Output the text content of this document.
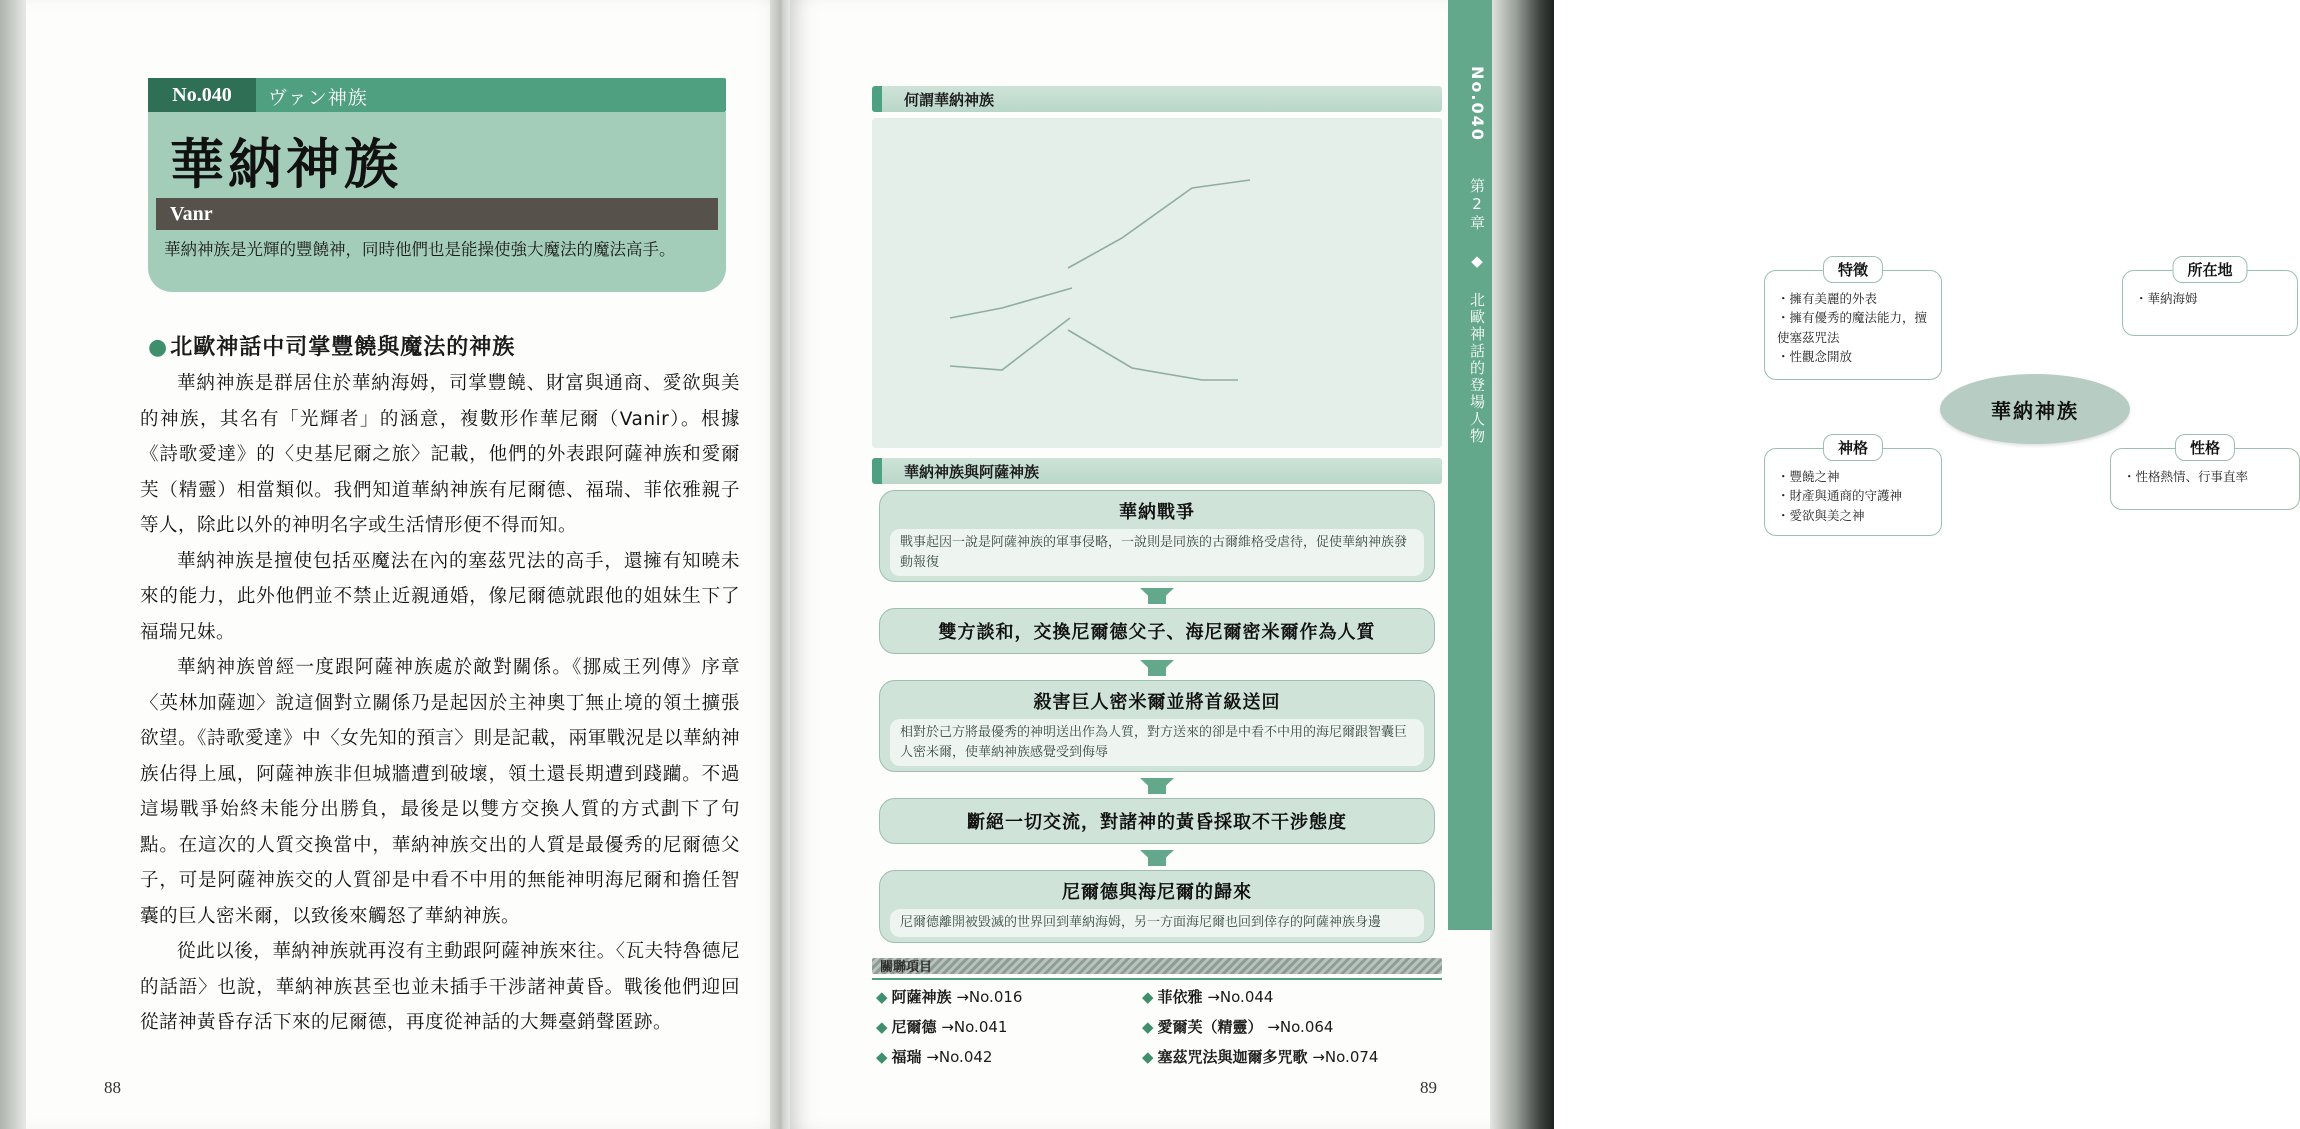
No.040	ヴァン神族
華納神族
Vanr
華納神族是光輝的豐饒神，同時他們也是能操使強大魔法的魔法高手。
●北歐神話中司掌豐饒與魔法的神族

華納神族是群居住於華納海姆，司掌豐饒、財富與通商、愛欲與美的神族，其名有「光輝者」的涵意，複數形作華尼爾（Vanir）。根據《詩歌愛達》的〈史基尼爾之旅〉記載，他們的外表跟阿薩神族和愛爾芙（精靈）相當類似。我們知道華納神族有尼爾德、福瑞、菲依雅親子等人，除此以外的神明名字或生活情形便不得而知。

華納神族是擅使包括巫魔法在內的塞茲咒法的高手，還擁有知曉未來的能力，此外他們並不禁止近親通婚，像尼爾德就跟他的姐妹生下了福瑞兄妹。

華納神族曾經一度跟阿薩神族處於敵對關係。《挪威王列傳》序章〈英林加薩迦〉說這個對立關係乃是起因於主神奧丁無止境的領土擴張欲望。《詩歌愛達》中〈女先知的預言〉則是記載，兩軍戰況是以華納神族佔得上風，阿薩神族非但城牆遭到破壞，領土還長期遭到踐躪。不過這場戰爭始終未能分出勝負，最後是以雙方交換人質的方式劃下了句點。在這次的人質交換當中，華納神族交出的人質是最優秀的尼爾德父子，可是阿薩神族交的人質卻是中看不中用的無能神明海尼爾和擔任智囊的巨人密米爾，以致後來觸怒了華納神族。

從此以後，華納神族就再沒有主動跟阿薩神族來往。〈瓦夫特魯德尼的話語〉也說，華納神族甚至也並未插手干涉諸神黃昏。戰後他們迎回從諸神黃昏存活下來的尼爾德，再度從神話的大舞臺銷聲匿跡。

88
No.040 第2章 ◆ 北歐神話的登場人物
何謂華納神族
特徵
・ 擁有美麗的外表
・ 擁有優秀的魔法能力，擅使塞茲咒法
・ 性觀念開放
所在地
・ 華納海姆
神格
・ 豐饒之神
・ 財產與通商的守護神
・ 愛欲與美之神
性格
・ 性格熱情、行事直率
華納神族
華納神族與阿薩神族
華納戰爭
戰事起因一說是阿薩神族的軍事侵略，一說則是同族的古爾維格受虐待，促使華納神族發動報復
雙方談和，交換尼爾德父子、海尼爾密米爾作為人質
殺害巨人密米爾並將首級送回
相對於己方將最優秀的神明送出作為人質，對方送來的卻是中看不中用的海尼爾跟智囊巨人密米爾，使華納神族感覺受到侮辱
斷絕一切交流，對諸神的黃昏採取不干涉態度
尼爾德與海尼爾的歸來
尼爾德離開被毀滅的世界回到華納海姆，另一方面海尼爾也回到倖存的阿薩神族身邊
關聯項目
◆ 阿薩神族 →No.016
◆ 尼爾德 →No.041
◆ 福瑞 →No.042
◆ 菲依雅 →No.044
◆ 愛爾芙（精靈） →No.064
◆ 塞茲咒法與迦爾多咒歌 →No.074
89
